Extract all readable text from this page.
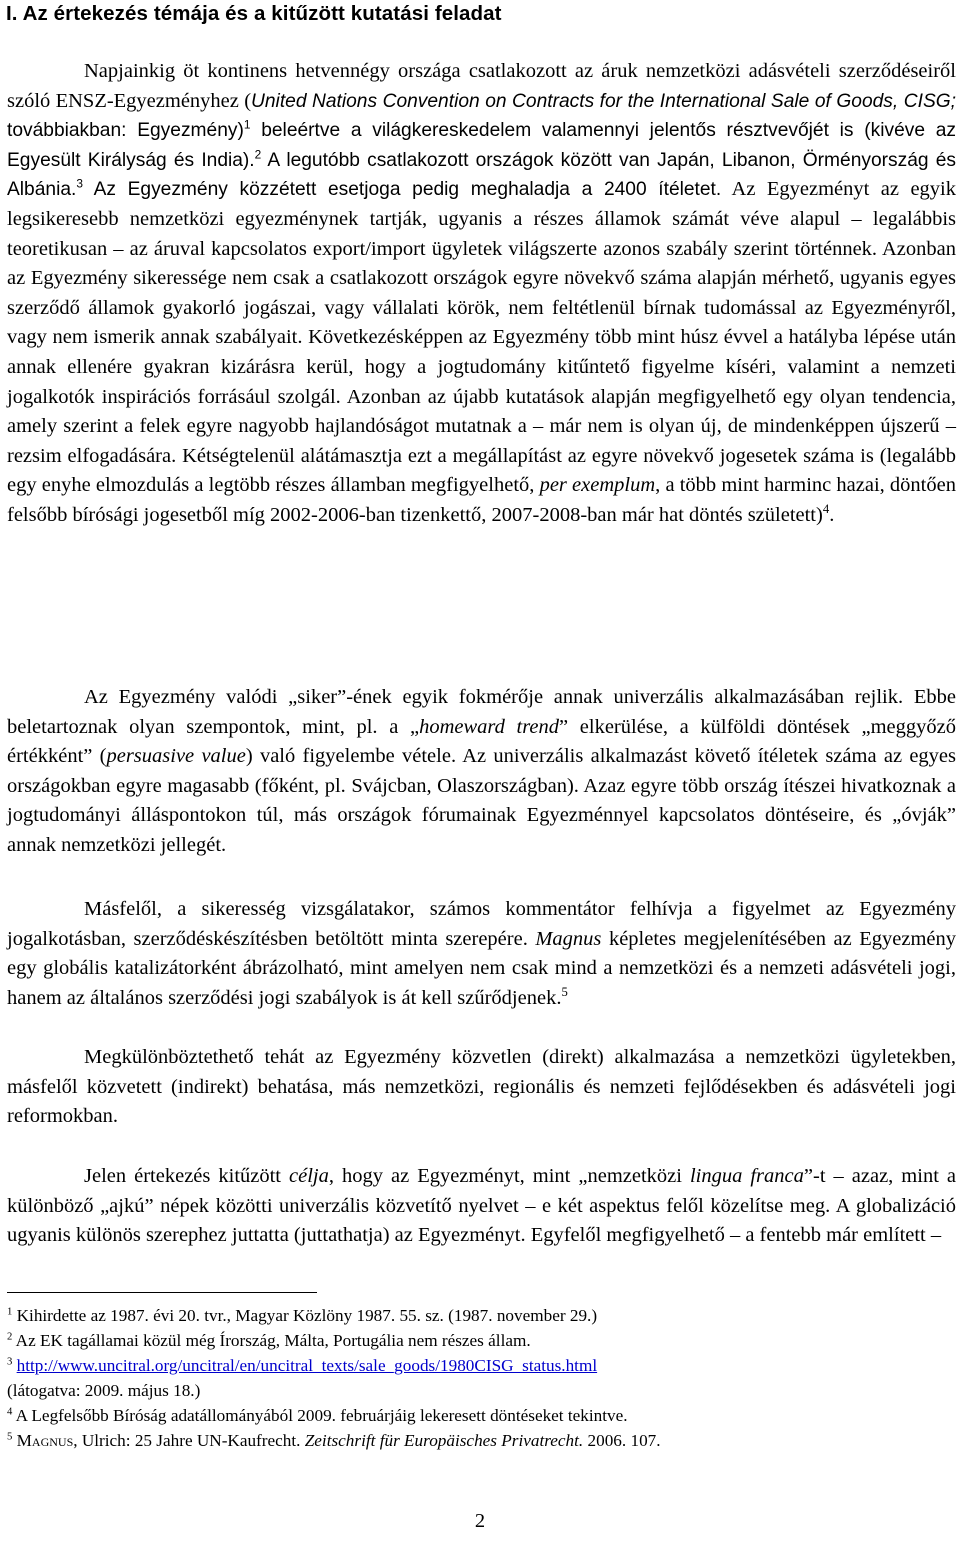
I. Az értekezés témája és a kitűzött kutatási feladat

Napjainkig öt kontinens hetvennégy országa csatlakozott az áruk nemzetközi adásvételi szerződéseiről szóló ENSZ-Egyezményhez (United Nations Convention on Contracts for the International Sale of Goods, CISG; továbbiakban: Egyezmény)$^1$ beleértve a világkereskedelem valamennyi jelentős résztvevőjét is (kivéve az Egyesült Királyság és India).$^2$ A legutóbb csatlakozott országok között van Japán, Libanon, Örményország és Albánia.$^3$ Az Egyezmény közzétett esetjoga pedig meghaladja a 2400 ítéletet. Az Egyezményt az egyik legsikeresebb nemzetközi egyezménynek tartják, ugyanis a részes államok számát véve alapul – legalábbis teoretikusan – az áruval kapcsolatos export/import ügyletek világszerte azonos szabály szerint történnek. Azonban az Egyezmény sikeressége nem csak a csatlakozott országok egyre növekvő száma alapján mérhető, ugyanis egyes szerződő államok gyakorló jogászai, vagy vállalati körök, nem feltétlenül bírnak tudomással az Egyezményről, vagy nem ismerik annak szabályait. Következésképpen az Egyezmény több mint húsz évvel a hatályba lépése után annak ellenére gyakran kizárásra kerül, hogy a jogtudomány kitűntető figyelme kíséri, valamint a nemzeti jogalkotók inspirációs forrásául szolgál. Azonban az újabb kutatások alapján megfigyelhető egy olyan tendencia, amely szerint a felek egyre nagyobb hajlandóságot mutatnak a – már nem is olyan új, de mindenképpen újszerű – rezsim elfogadására. Kétségtelenül alátámasztja ezt a megállapítást az egyre növekvő jogesetek száma is (legalább egy enyhe elmozdulás a legtöbb részes államban megfigyelhető, per exemplum, a több mint harminc hazai, döntően felsőbb bírósági jogesetből míg 2002-2006-ban tizenkettő, 2007-2008-ban már hat döntés született)$^4$.

Az Egyezmény valódi „siker”-ének egyik fokmérője annak univerzális alkalmazásában rejlik. Ebbe beletartoznak olyan szempontok, mint, pl. a „homeward trend” elkerülése, a külföldi döntések „meggyőző értékként” (persuasive value) való figyelembe vétele. Az univerzális alkalmazást követő ítéletek száma az egyes országokban egyre magasabb (főként, pl. Svájcban, Olaszországban). Azaz egyre több ország ítészei hivatkoznak a jogtudományi álláspontokon túl, más országok fórumainak Egyezménnyel kapcsolatos döntéseire, és „óvják” annak nemzetközi jellegét.

Másfelől, a sikeresség vizsgálatakor, számos kommentátor felhívja a figyelmet az Egyezmény jogalkotásban, szerződéskészítésben betöltött minta szerepére. Magnus képletes megjelenítésében az Egyezmény egy globális katalizátorként ábrázolható, mint amelyen nem csak mind a nemzetközi és a nemzeti adásvételi jogi, hanem az általános szerződési jogi szabályok is át kell szűrődjenek.$^5$

Megkülönböztethető tehát az Egyezmény közvetlen (direkt) alkalmazása a nemzetközi ügyletekben, másfelől közvetett (indirekt) behatása, más nemzetközi, regionális és nemzeti fejlődésekben és adásvételi jogi reformokban.

Jelen értekezés kitűzött célja, hogy az Egyezményt, mint „nemzetközi lingua franca”-t – azaz, mint a különböző „ajkú” népek közötti univerzális közvetítő nyelvet – e két aspektus felől közelítse meg. A globalizáció ugyanis különös szerephez juttatta (juttathatja) az Egyezményt. Egyfelől megfigyelhető – a fentebb már említett –

$^1$ Kihirdette az 1987. évi 20. tvr., Magyar Közlöny 1987. 55. sz. (1987. november 29.)

$^2$ Az EK tagállamai közül még Írország, Málta, Portugália nem részes állam.

$^3$ http://www.uncitral.org/uncitral/en/uncitral_texts/sale_goods/1980CISG_status.html

(látogatva: 2009. május 18.)

$^4$ A Legfelsőbb Bíróság adatállományából 2009. februárjáig lekeresett döntéseket tekintve.

$^5$ Magnus, Ulrich: 25 Jahre UN-Kaufrecht. Zeitschrift für Europäisches Privatrecht. 2006. 107.

2
